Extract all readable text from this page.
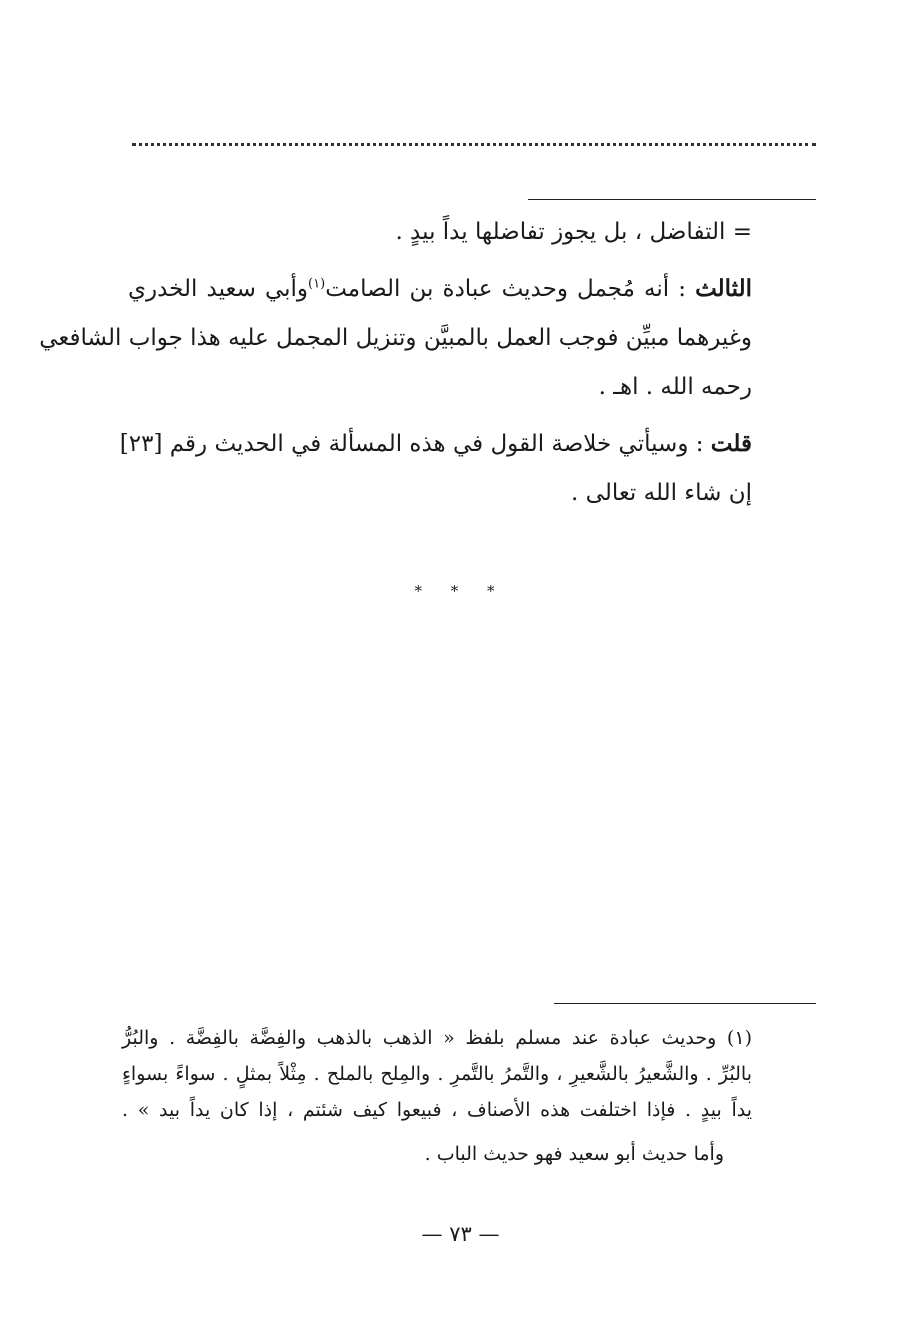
= التفاضل ، بل يجوز تفاضلها يداً بيدٍ .
الثالث : أنه مُجمل وحديث عبادة بن الصامت$^{(١)}$وأبي سعيد الخدري
وغيرهما مبيِّن فوجب العمل بالمبيَّن وتنزيل المجمل عليه هذا جواب الشافعي
رحمه الله . اهـ .
قلت : وسيأتي خلاصة القول في هذه المسألة في الحديث رقم [٢٣]
إن شاء الله تعالى .
* * *
(١) وحديث عبادة عند مسلم بلفظ « الذهب بالذهب والفِضَّة بالفِضَّة . والبُرُّ
بالبُرِّ . والشَّعيرُ بالشَّعيرِ ، والتَّمرُ بالتَّمرِ . والمِلح بالملح . مِثْلاً بمثلٍ . سواءً بسواءٍ
يداً بيدٍ . فإذا اختلفت هذه الأصناف ، فبيعوا كيف شئتم ، إذا كان يداً بيد » .
وأما حديث أبو سعيد فهو حديث الباب .
— ٧٣ —
